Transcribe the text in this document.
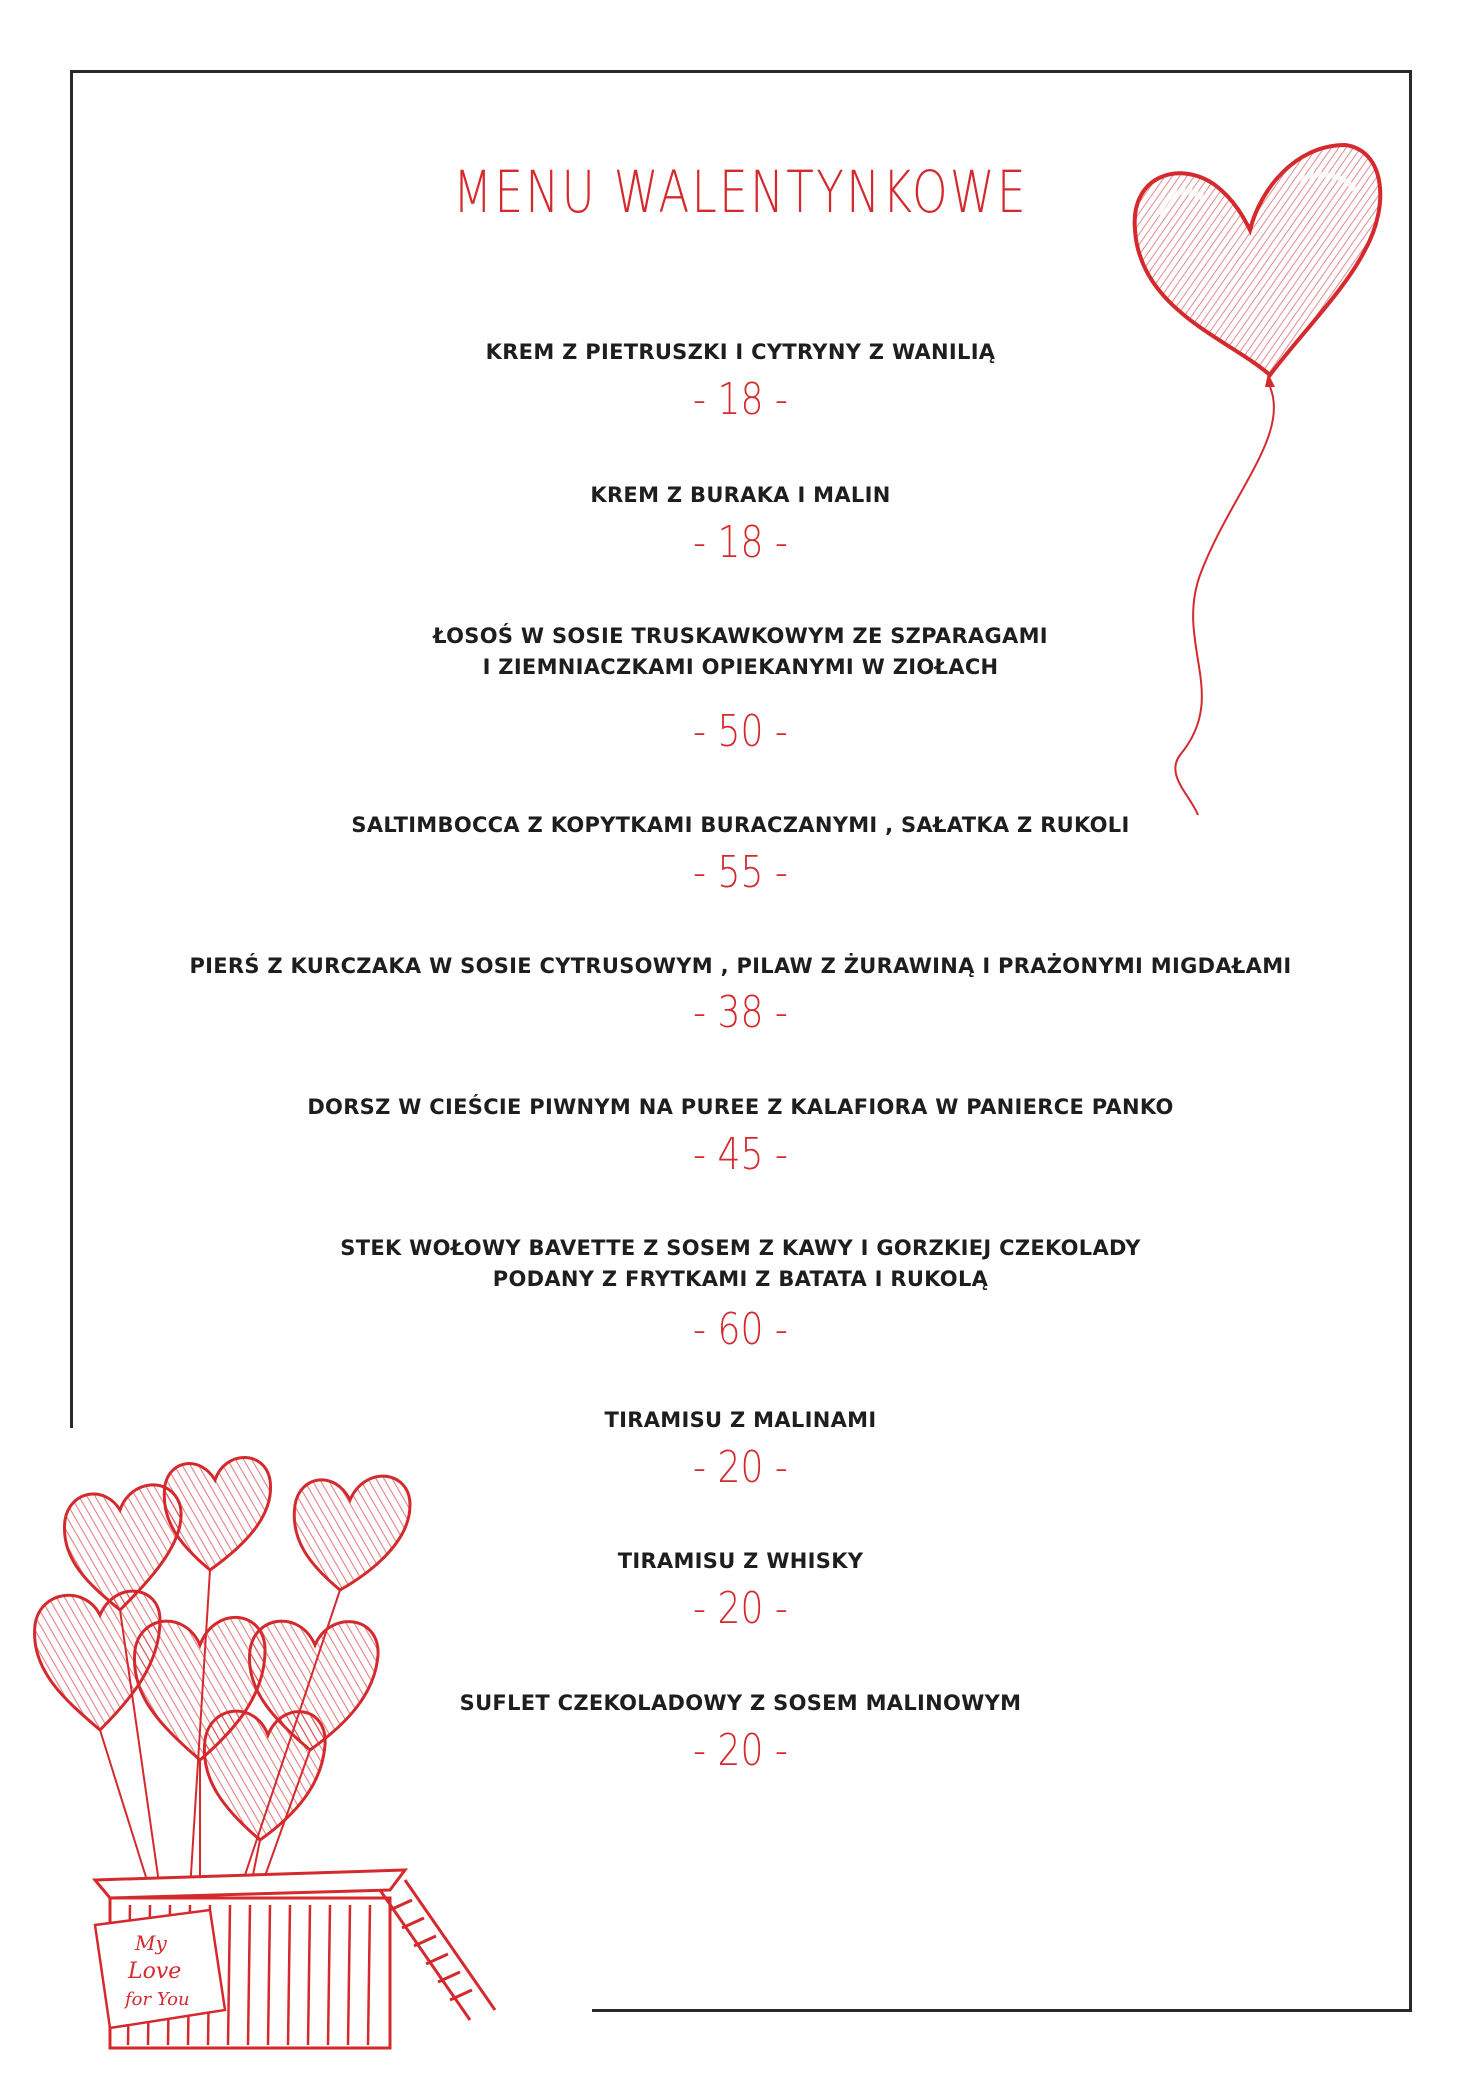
My
Love
for You
MENU WALENTYNKOWE
KREM Z PIETRUSZKI I CYTRYNY Z WANILIĄ
- 18 -
KREM Z BURAKA I MALIN
- 18 -
ŁOSOŚ W SOSIE TRUSKAWKOWYM ZE SZPARAGAMI
I ZIEMNIACZKAMI OPIEKANYMI W ZIOŁACH
- 50 -
SALTIMBOCCA Z KOPYTKAMI BURACZANYMI , SAŁATKA Z RUKOLI
- 55 -
PIERŚ Z KURCZAKA W SOSIE CYTRUSOWYM , PILAW Z ŻURAWINĄ I PRAŻONYMI MIGDAŁAMI
- 38 -
DORSZ W CIEŚCIE PIWNYM NA PUREE Z KALAFIORA W PANIERCE PANKO
- 45 -
STEK WOŁOWY BAVETTE Z SOSEM Z KAWY I GORZKIEJ CZEKOLADY
PODANY Z FRYTKAMI Z BATATA I RUKOLĄ
- 60 -
TIRAMISU Z MALINAMI
- 20 -
TIRAMISU Z WHISKY
- 20 -
SUFLET CZEKOLADOWY Z SOSEM MALINOWYM
- 20 -
